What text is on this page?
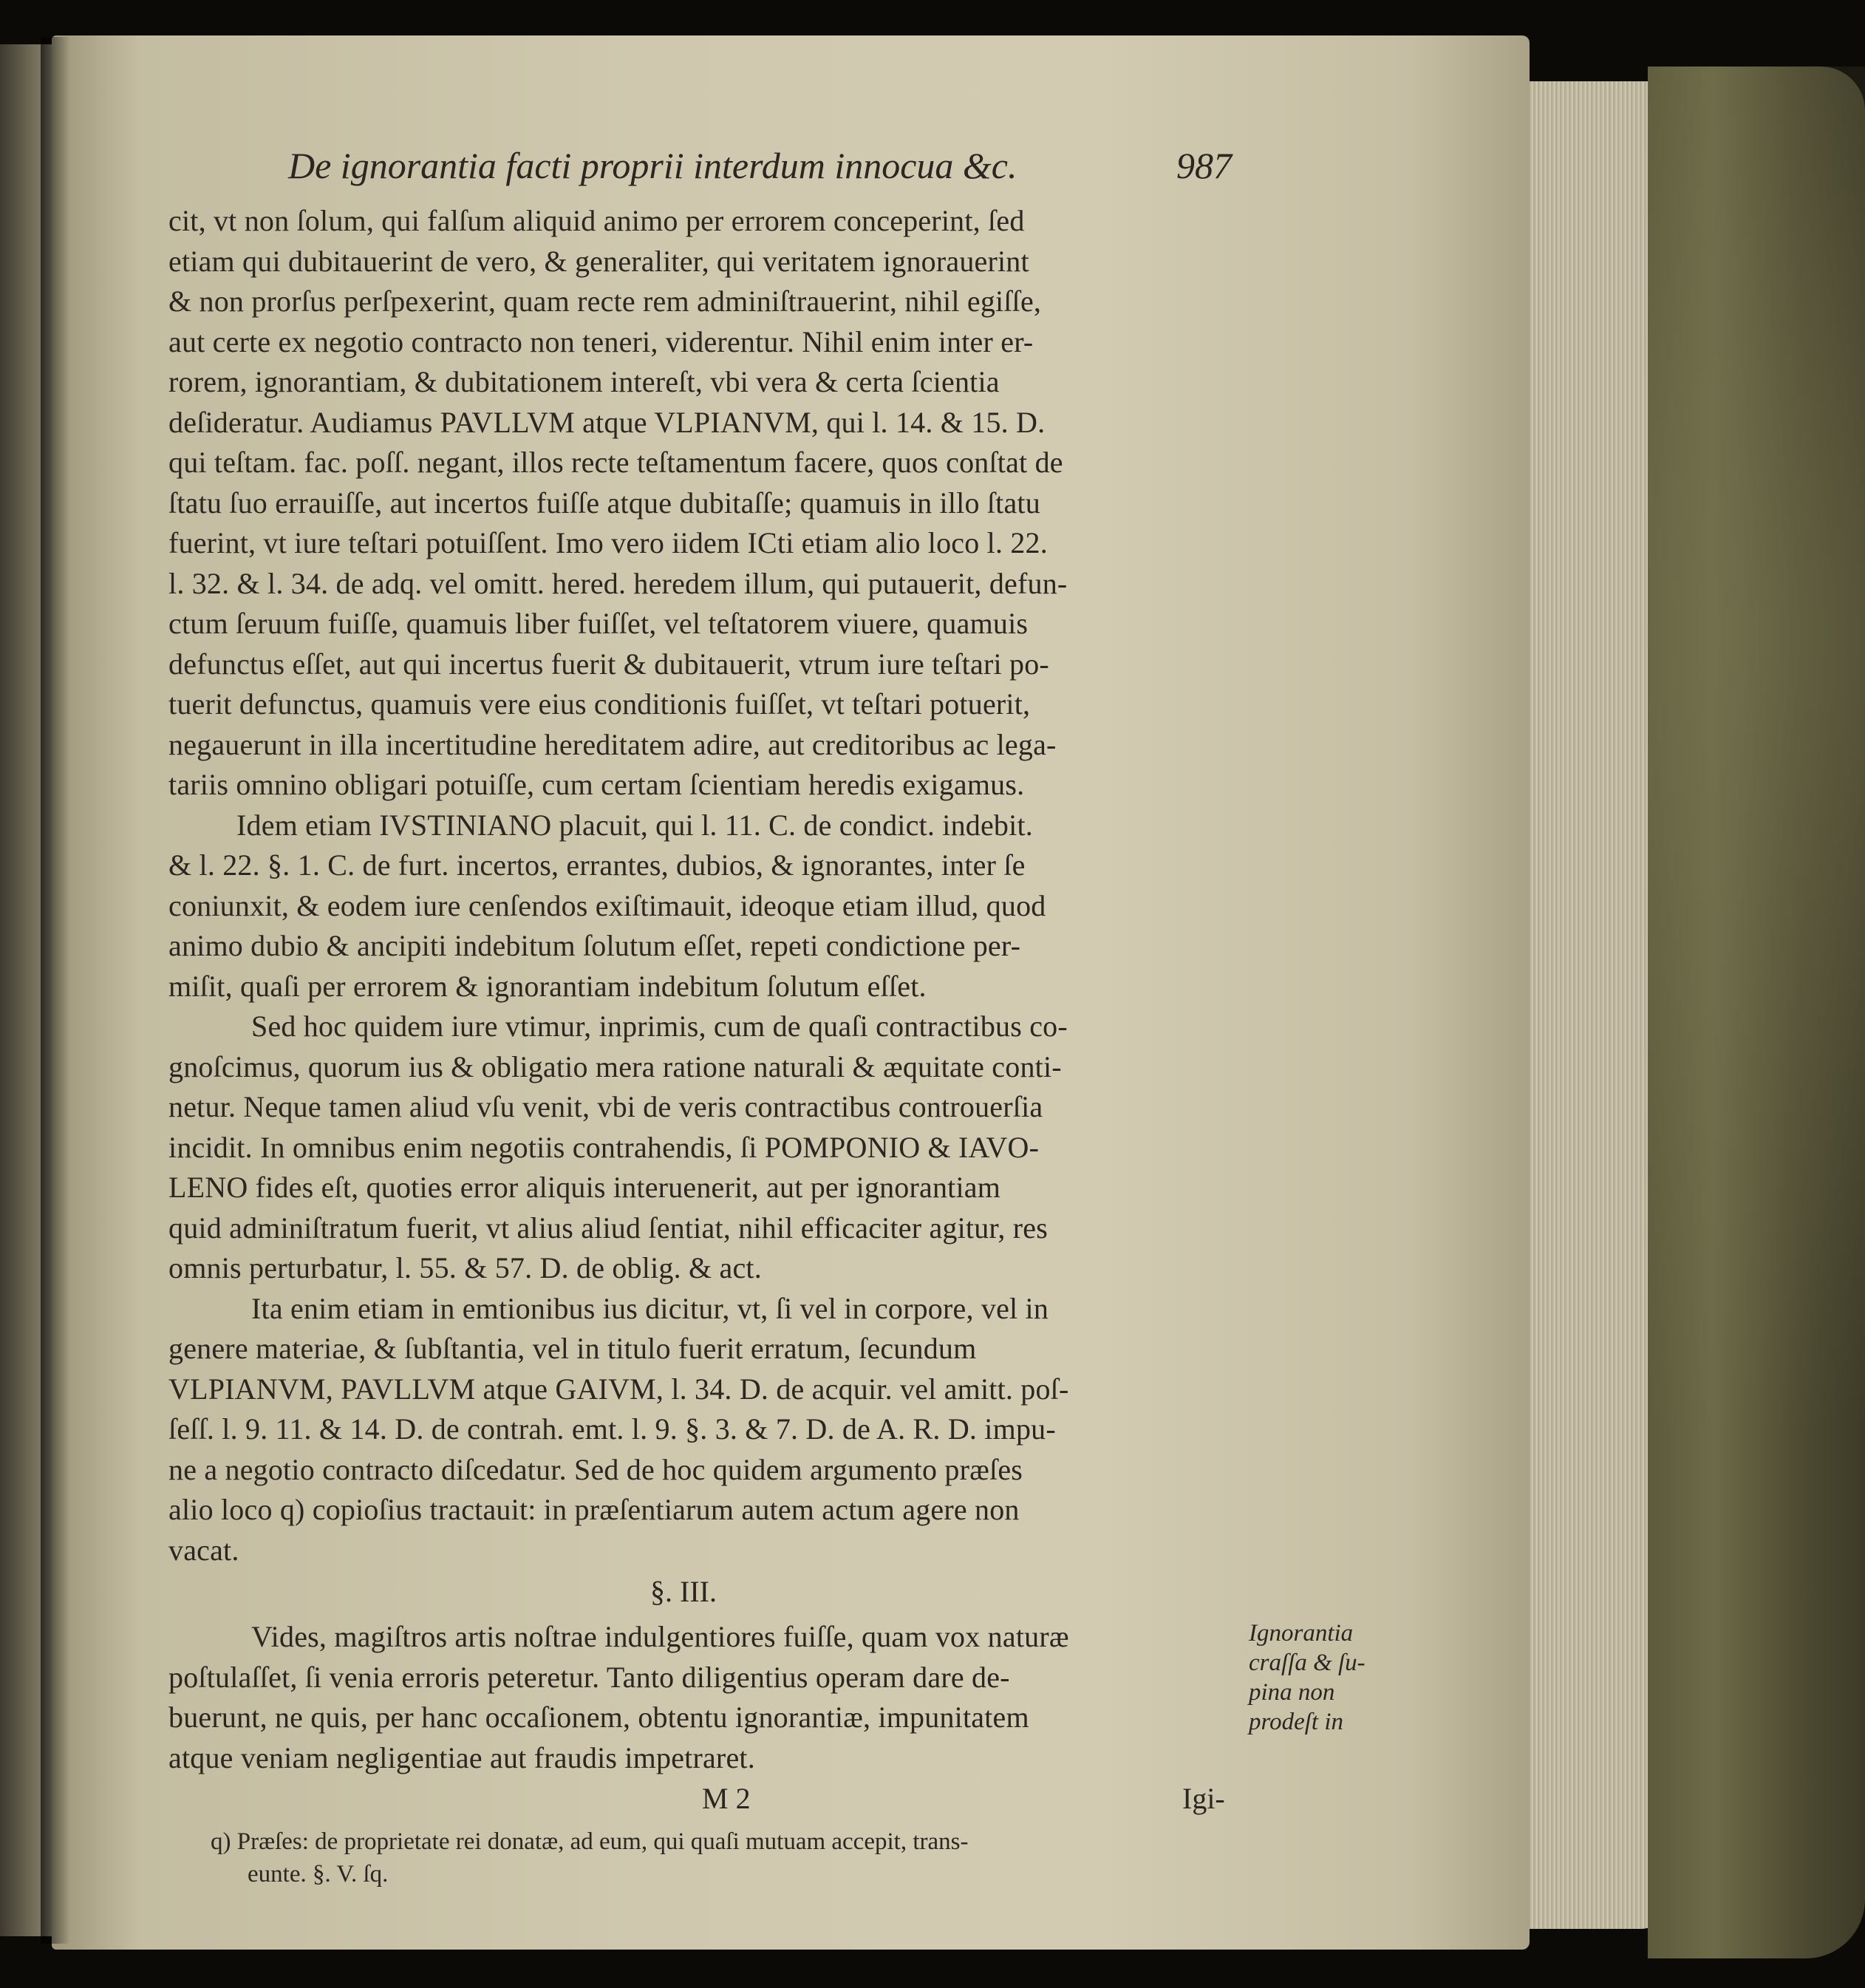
De ignorantia facti proprii interdum innocua &c.	987
cit, vt non ſolum, qui falſum aliquid animo per errorem conceperint, ſed
etiam qui dubitauerint de vero, & generaliter, qui veritatem ignorauerint
& non prorſus perſpexerint, quam recte rem adminiſtrauerint, nihil egiſſe,
aut certe ex negotio contracto non teneri, viderentur. Nihil enim inter er-
rorem, ignorantiam, & dubitationem intereſt, vbi vera & certa ſcientia
deſideratur. Audiamus PAVLLVM atque VLPIANVM, qui l. 14. & 15. D.
qui teſtam. fac. poſſ. negant, illos recte teſtamentum facere, quos conſtat de
ſtatu ſuo errauiſſe, aut incertos fuiſſe atque dubitaſſe; quamuis in illo ſtatu
fuerint, vt iure teſtari potuiſſent. Imo vero iidem ICti etiam alio loco l. 22.
l. 32. & l. 34. de adq. vel omitt. hered. heredem illum, qui putauerit, defun-
ctum ſeruum fuiſſe, quamuis liber fuiſſet, vel teſtatorem viuere, quamuis
defunctus eſſet, aut qui incertus fuerit & dubitauerit, vtrum iure teſtari po-
tuerit defunctus, quamuis vere eius conditionis fuiſſet, vt teſtari potuerit,
negauerunt in illa incertitudine hereditatem adire, aut creditoribus ac lega-
tariis omnino obligari potuiſſe, cum certam ſcientiam heredis exigamus.
Idem etiam IVSTINIANO placuit, qui l. 11. C. de condict. indebit.
& l. 22. §. 1. C. de furt. incertos, errantes, dubios, & ignorantes, inter ſe
coniunxit, & eodem iure cenſendos exiſtimauit, ideoque etiam illud, quod
animo dubio & ancipiti indebitum ſolutum eſſet, repeti condictione per-
miſit, quaſi per errorem & ignorantiam indebitum ſolutum eſſet.
Sed hoc quidem iure vtimur, inprimis, cum de quaſi contractibus co-
gnoſcimus, quorum ius & obligatio mera ratione naturali & æquitate conti-
netur. Neque tamen aliud vſu venit, vbi de veris contractibus controuerſia
incidit. In omnibus enim negotiis contrahendis, ſi POMPONIO & IAVO-
LENO fides eſt, quoties error aliquis interuenerit, aut per ignorantiam
quid adminiſtratum fuerit, vt alius aliud ſentiat, nihil efficaciter agitur, res
omnis perturbatur, l. 55. & 57. D. de oblig. & act.
Ita enim etiam in emtionibus ius dicitur, vt, ſi vel in corpore, vel in
genere materiae, & ſubſtantia, vel in titulo fuerit erratum, ſecundum
VLPIANVM, PAVLLVM atque GAIVM, l. 34. D. de acquir. vel amitt. poſ-
ſeſſ. l. 9. 11. & 14. D. de contrah. emt. l. 9. §. 3. & 7. D. de A. R. D. impu-
ne a negotio contracto diſcedatur. Sed de hoc quidem argumento præſes
alio loco q) copioſius tractauit: in præſentiarum autem actum agere non
vacat.
§. III.
Vides, magiſtros artis noſtrae indulgentiores fuiſſe, quam vox naturæ
poſtulaſſet, ſi venia erroris peteretur. Tanto diligentius operam dare de-
buerunt, ne quis, per hanc occaſionem, obtentu ignorantiæ, impunitatem
atque veniam negligentiae aut fraudis impetraret.
Ignorantia
craſſa & ſu-
pina non
prodeſt in
M 2	Igi-
q) Præſes: de proprietate rei donatæ, ad eum, qui quaſi mutuam accepit, trans-
eunte. §. V. ſq.
